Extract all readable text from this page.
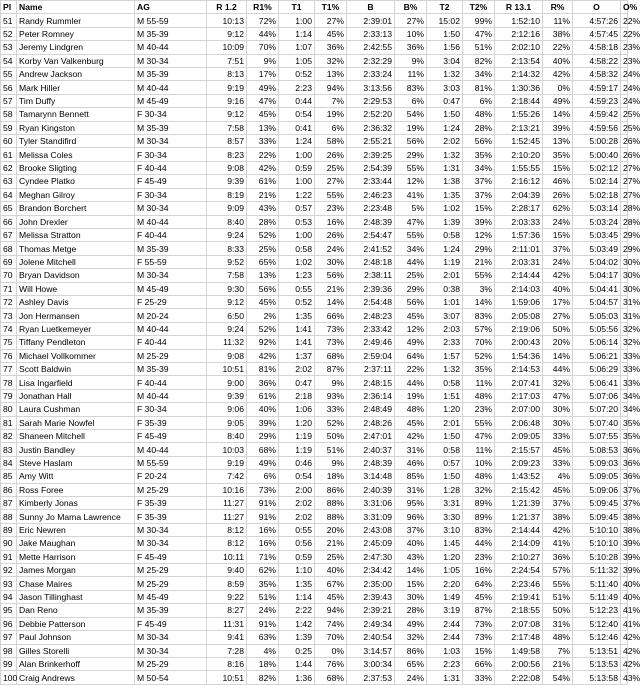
Pl	Name	AG	R 1.2	R1%	T1	T1%	B	B%	T2	T2%	R 13.1	R%	O	O%
51	Randy Rummler	M 55-59	10:13	72%	1:00	27%	2:39:01	27%	15:02	99%	1:52:10	11%	4:57:26	22%
52	Peter Romney	M 35-39	9:12	44%	1:14	45%	2:33:13	10%	1:50	47%	2:12:16	38%	4:57:45	22%
53	Jeremy Lindgren	M 40-44	10:09	70%	1:07	36%	2:42:55	36%	1:56	51%	2:02:10	22%	4:58:18	23%
54	Korby Van Valkenburg	M 30-34	7:51	9%	1:05	32%	2:32:29	9%	3:04	82%	2:13:54	40%	4:58:22	23%
55	Andrew Jackson	M 35-39	8:13	17%	0:52	13%	2:33:24	11%	1:32	34%	2:14:32	42%	4:58:32	24%
56	Mark Hiller	M 40-44	9:19	49%	2:23	94%	3:13:56	83%	3:03	81%	1:30:36	0%	4:59:17	24%
57	Tim Duffy	M 45-49	9:16	47%	0:44	7%	2:29:53	6%	0:47	6%	2:18:44	49%	4:59:23	24%
58	Tamarynn Bennett	F 30-34	9:12	45%	0:54	19%	2:52:20	54%	1:50	48%	1:55:26	14%	4:59:42	25%
59	Ryan Kingston	M 35-39	7:58	13%	0:41	6%	2:36:32	19%	1:24	28%	2:13:21	39%	4:59:56	25%
60	Tyler Standifird	M 30-34	8:57	33%	1:24	58%	2:55:21	56%	2:02	56%	1:52:45	13%	5:00:28	26%
61	Melissa Coles	F 30-34	8:23	22%	1:00	26%	2:39:25	29%	1:32	35%	2:10:20	35%	5:00:40	26%
62	Brooke Sligting	F 40-44	9:08	42%	0:59	25%	2:54:39	55%	1:31	34%	1:55:55	15%	5:02:12	27%
63	Cyndee Platko	F 45-49	9:39	61%	1:00	27%	2:33:44	12%	1:38	37%	2:16:12	46%	5:02:14	27%
64	Meghan Gilroy	F 30-34	8:19	21%	1:22	55%	2:46:23	41%	1:35	37%	2:04:39	26%	5:02:18	27%
65	Brandon Borchert	M 30-34	9:09	43%	0:57	23%	2:23:48	5%	1:02	15%	2:28:17	62%	5:03:14	28%
66	John Drexler	M 40-44	8:40	28%	0:53	16%	2:48:39	47%	1:39	39%	2:03:33	24%	5:03:24	28%
67	Melissa Stratton	F 40-44	9:24	52%	1:00	26%	2:54:47	55%	0:58	12%	1:57:36	15%	5:03:45	29%
68	Thomas Metge	M 35-39	8:33	25%	0:58	24%	2:41:52	34%	1:24	29%	2:11:01	37%	5:03:49	29%
69	Jolene Mitchell	F 55-59	9:52	65%	1:02	30%	2:48:18	44%	1:19	21%	2:03:31	24%	5:04:02	30%
70	Bryan Davidson	M 30-34	7:58	13%	1:23	56%	2:38:11	25%	2:01	55%	2:14:44	42%	5:04:17	30%
71	Will Howe	M 45-49	9:30	56%	0:55	21%	2:39:36	29%	0:38	3%	2:14:03	40%	5:04:41	30%
72	Ashley Davis	F 25-29	9:12	45%	0:52	14%	2:54:48	56%	1:01	14%	1:59:06	17%	5:04:57	31%
73	Jon Hermansen	M 20-24	6:50	2%	1:35	66%	2:48:23	45%	3:07	83%	2:05:08	27%	5:05:03	31%
74	Ryan Luetkemeyer	M 40-44	9:24	52%	1:41	73%	2:33:42	12%	2:03	57%	2:19:06	50%	5:05:56	32%
75	Tiffany Pendleton	F 40-44	11:32	92%	1:41	73%	2:49:46	49%	2:33	70%	2:00:43	20%	5:06:14	32%
76	Michael Vollkommer	M 25-29	9:08	42%	1:37	68%	2:59:04	64%	1:57	52%	1:54:36	14%	5:06:21	33%
77	Scott Baldwin	M 35-39	10:51	81%	2:02	87%	2:37:11	22%	1:32	35%	2:14:53	44%	5:06:29	33%
78	Lisa Ingarfield	F 40-44	9:00	36%	0:47	9%	2:48:15	44%	0:58	11%	2:07:41	32%	5:06:41	33%
79	Jonathan Hall	M 40-44	9:39	61%	2:18	93%	2:36:14	19%	1:51	48%	2:17:03	47%	5:07:06	34%
80	Laura Cushman	F 30-34	9:06	40%	1:06	33%	2:48:49	48%	1:20	23%	2:07:00	30%	5:07:20	34%
81	Sarah Marie Nowfel	F 35-39	9:05	39%	1:20	52%	2:48:26	45%	2:01	55%	2:06:48	30%	5:07:40	35%
82	Shaneen Mitchell	F 45-49	8:40	29%	1:19	50%	2:47:01	42%	1:50	47%	2:09:05	33%	5:07:55	35%
83	Justin Bandley	M 40-44	10:03	68%	1:19	51%	2:40:37	31%	0:58	11%	2:15:57	45%	5:08:53	36%
84	Steve Haslam	M 55-59	9:19	49%	0:46	9%	2:48:39	46%	0:57	10%	2:09:23	33%	5:09:03	36%
85	Amy Witt	F 20-24	7:42	6%	0:54	18%	3:14:48	85%	1:50	48%	1:43:52	4%	5:09:05	36%
86	Ross Foree	M 25-29	10:16	73%	2:00	86%	2:40:39	31%	1:28	32%	2:15:42	45%	5:09:06	37%
87	Kimberly Jonas	F 35-39	11:27	91%	2:02	88%	3:31:06	95%	3:31	89%	1:21:39	37%	5:09:45	37%
88	Sunny Jo Mama Lawrence	F 35-39	11:27	91%	2:02	88%	3:31:09	96%	3:30	89%	1:21:37	38%	5:09:45	38%
89	Eric Newren	M 30-34	8:12	16%	0:55	20%	2:43:08	37%	3:10	83%	2:14:44	42%	5:10:10	38%
90	Jake Maughan	M 30-34	8:12	16%	0:56	21%	2:45:09	40%	1:45	44%	2:14:09	41%	5:10:10	39%
91	Mette Harrison	F 45-49	10:11	71%	0:59	25%	2:47:30	43%	1:20	23%	2:10:27	36%	5:10:28	39%
92	James Morgan	M 25-29	9:40	62%	1:10	40%	2:34:42	14%	1:05	16%	2:24:54	57%	5:11:32	39%
93	Chase Maires	M 25-29	8:59	35%	1:35	67%	2:35:00	15%	2:20	64%	2:23:46	55%	5:11:40	40%
94	Jason Tillinghast	M 45-49	9:22	51%	1:14	45%	2:39:43	30%	1:49	45%	2:19:41	51%	5:11:49	40%
95	Dan Reno	M 35-39	8:27	24%	2:22	94%	2:39:21	28%	3:19	87%	2:18:55	50%	5:12:23	41%
96	Debbie Patterson	F 45-49	11:31	91%	1:42	74%	2:49:34	49%	2:44	73%	2:07:08	31%	5:12:40	41%
97	Paul Johnson	M 30-34	9:41	63%	1:39	70%	2:40:54	32%	2:44	73%	2:17:48	48%	5:12:46	42%
98	Gilles Storelli	M 30-34	7:28	4%	0:25	0%	3:14:57	86%	1:03	15%	1:49:58	7%	5:13:51	42%
99	Alan Brinkerhoff	M 25-29	8:16	18%	1:44	76%	3:00:34	65%	2:23	66%	2:00:56	21%	5:13:53	42%
100	Craig Andrews	M 50-54	10:51	82%	1:36	68%	2:37:53	24%	1:31	33%	2:22:08	54%	5:13:58	43%
